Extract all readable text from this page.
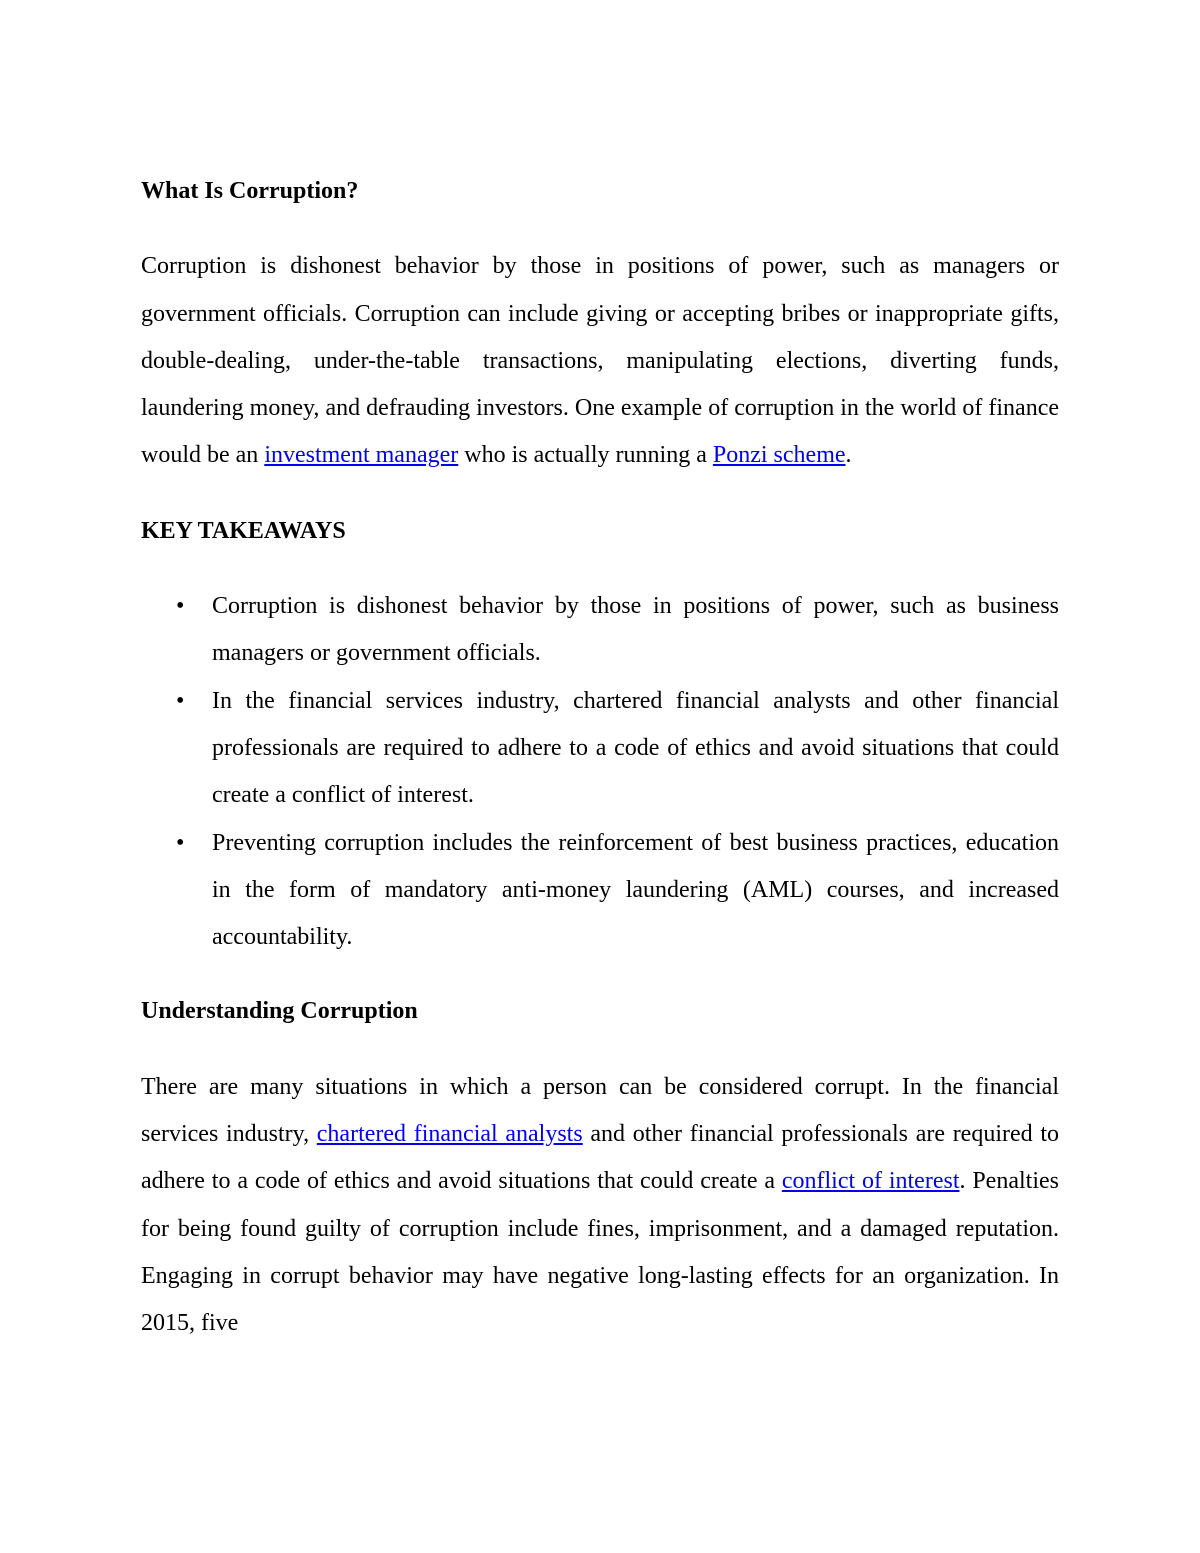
What Is Corruption?

Corruption is dishonest behavior by those in positions of power, such as managers or government officials. Corruption can include giving or accepting bribes or inappropriate gifts, double-dealing, under-the-table transactions, manipulating elections, diverting funds, laundering money, and defrauding investors. One example of corruption in the world of finance would be an investment manager who is actually running a Ponzi scheme.

KEY TAKEAWAYS

•	Corruption is dishonest behavior by those in positions of power, such as business managers or government officials.
•	In the financial services industry, chartered financial analysts and other financial professionals are required to adhere to a code of ethics and avoid situations that could create a conflict of interest.
•	Preventing corruption includes the reinforcement of best business practices, education in the form of mandatory anti-money laundering (AML) courses, and increased accountability.

Understanding Corruption

There are many situations in which a person can be considered corrupt. In the financial services industry, chartered financial analysts and other financial professionals are required to adhere to a code of ethics and avoid situations that could create a conflict of interest. Penalties for being found guilty of corruption include fines, imprisonment, and a damaged reputation. Engaging in corrupt behavior may have negative long-lasting effects for an organization. In 2015, five
